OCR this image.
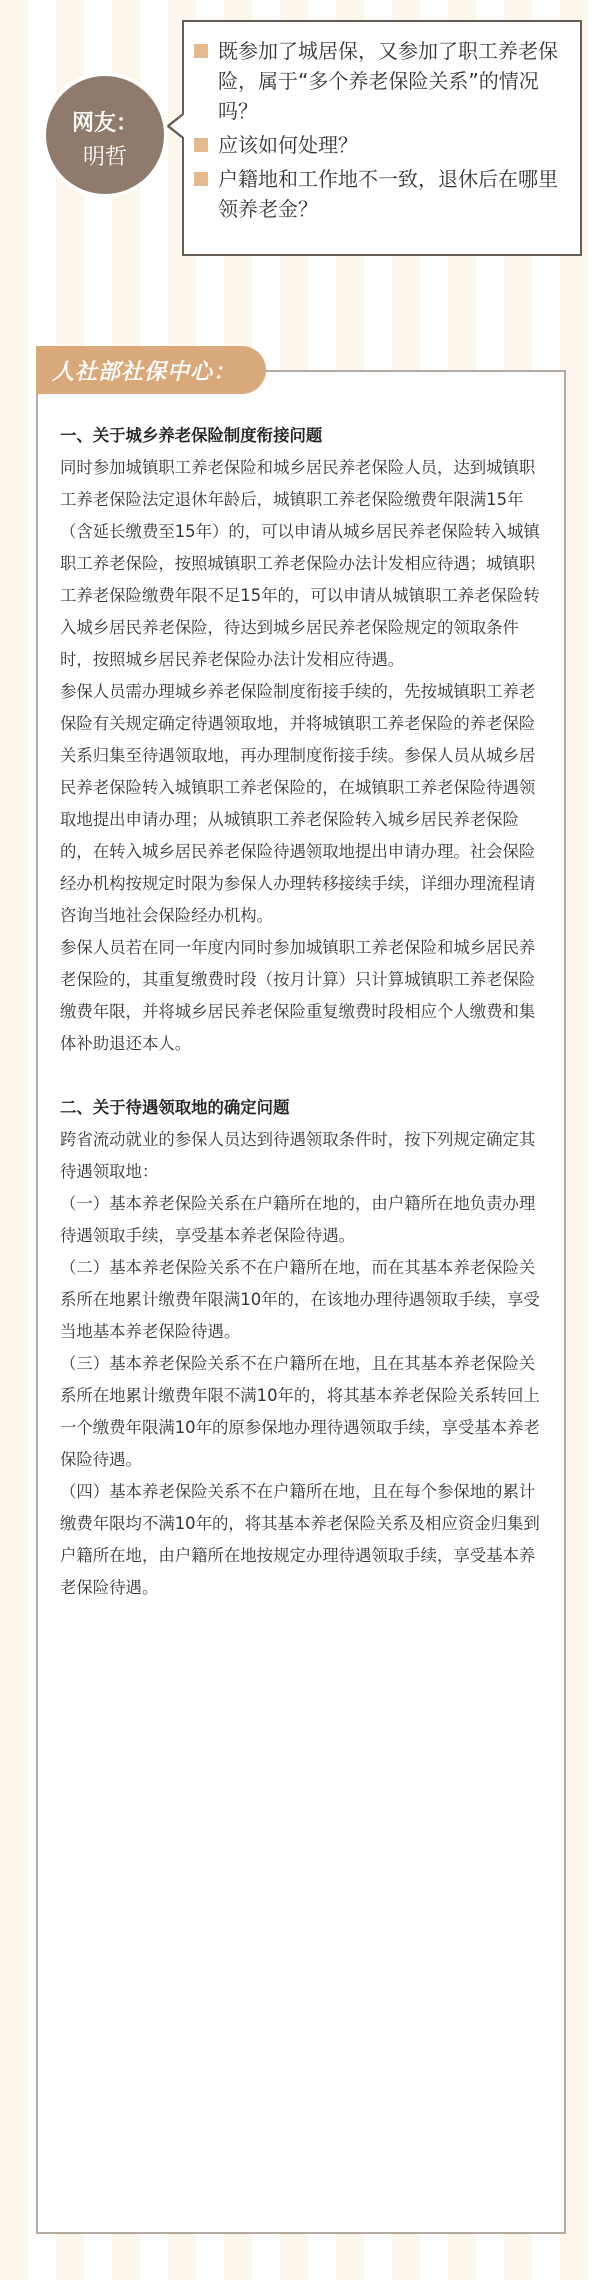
网友：
明哲
既参加了城居保，又参加了职工养老保险，属于“多个养老保险关系”的情况吗？
应该如何处理？
户籍地和工作地不一致，退休后在哪里领养老金？
人社部社保中心：

一、关于城乡养老保险制度衔接问题

同时参加城镇职工养老保险和城乡居民养老保险人员，达到城镇职工养老保险法定退休年龄后，城镇职工养老保险缴费年限满15年（含延长缴费至15年）的，可以申请从城乡居民养老保险转入城镇职工养老保险，按照城镇职工养老保险办法计发相应待遇；城镇职工养老保险缴费年限不足15年的，可以申请从城镇职工养老保险转入城乡居民养老保险，待达到城乡居民养老保险规定的领取条件时，按照城乡居民养老保险办法计发相应待遇。

参保人员需办理城乡养老保险制度衔接手续的，先按城镇职工养老保险有关规定确定待遇领取地，并将城镇职工养老保险的养老保险关系归集至待遇领取地，再办理制度衔接手续。参保人员从城乡居民养老保险转入城镇职工养老保险的，在城镇职工养老保险待遇领取地提出申请办理；从城镇职工养老保险转入城乡居民养老保险的，在转入城乡居民养老保险待遇领取地提出申请办理。社会保险经办机构按规定时限为参保人办理转移接续手续，详细办理流程请咨询当地社会保险经办机构。

参保人员若在同一年度内同时参加城镇职工养老保险和城乡居民养老保险的，其重复缴费时段（按月计算）只计算城镇职工养老保险缴费年限，并将城乡居民养老保险重复缴费时段相应个人缴费和集体补助退还本人。

二、关于待遇领取地的确定问题

跨省流动就业的参保人员达到待遇领取条件时，按下列规定确定其待遇领取地：

（一）基本养老保险关系在户籍所在地的，由户籍所在地负责办理待遇领取手续，享受基本养老保险待遇。

（二）基本养老保险关系不在户籍所在地，而在其基本养老保险关系所在地累计缴费年限满10年的，在该地办理待遇领取手续，享受当地基本养老保险待遇。

（三）基本养老保险关系不在户籍所在地，且在其基本养老保险关系所在地累计缴费年限不满10年的，将其基本养老保险关系转回上一个缴费年限满10年的原参保地办理待遇领取手续，享受基本养老保险待遇。

（四）基本养老保险关系不在户籍所在地，且在每个参保地的累计缴费年限均不满10年的，将其基本养老保险关系及相应资金归集到户籍所在地，由户籍所在地按规定办理待遇领取手续，享受基本养老保险待遇。
